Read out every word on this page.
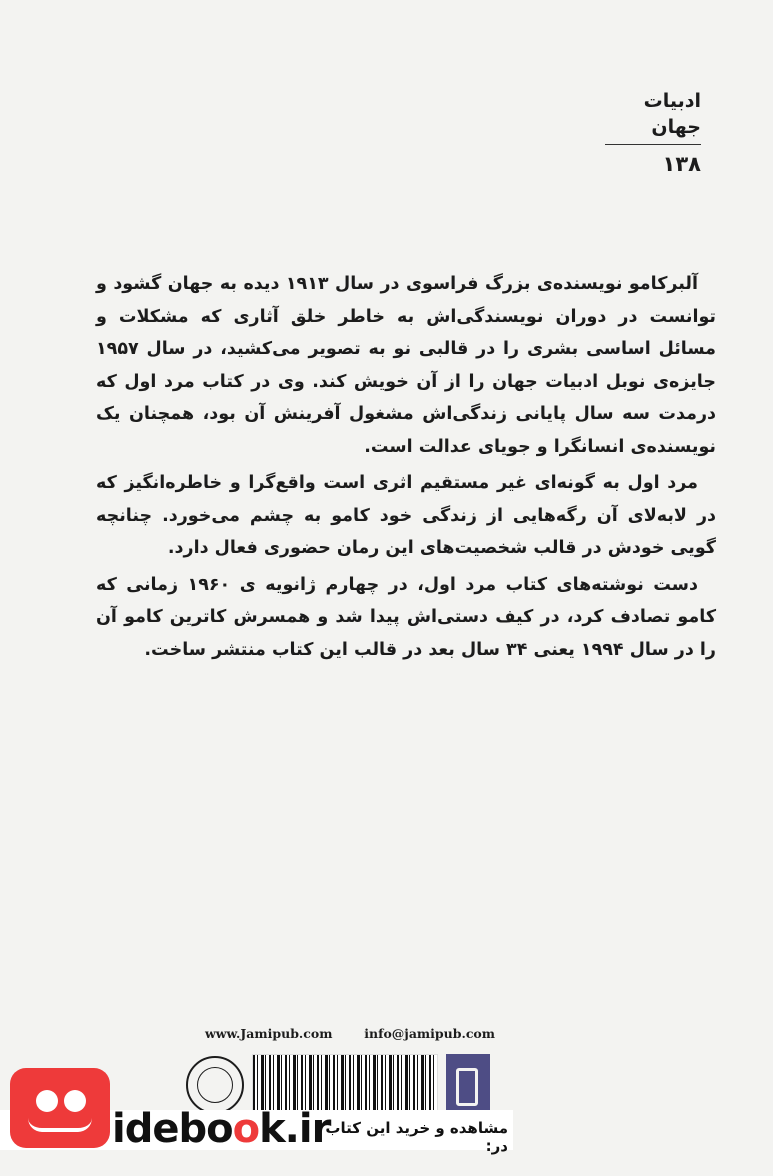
ادبیات جهان
۱۳۸

آلبرکامو نویسنده‌ی بزرگ فراسوی در سال ۱۹۱۳ دیده به جهان گشود و توانست در دوران نویسندگی‌اش به خاطر خلق آثاری که مشکلات و مسائل اساسی بشری را در قالبی نو به تصویر می‌کشید، در سال ۱۹۵۷ جایزه‌ی نوبل ادبیات جهان را از آن خویش کند. وی در کتاب مرد اول که درمدت سه سال پایانی زندگی‌اش مشغول آفرینش آن بود، همچنان یک نویسنده‌ی انسانگرا و جویای عدالت است.

مرد اول به گونه‌ای غیر مستقیم اثری است واقع‌گرا و خاطره‌انگیز که در لابه‌لای آن رگه‌هایی از زندگی خود کامو به چشم می‌خورد. چنانچه گویی خودش در قالب شخصیت‌های این رمان حضوری فعال دارد.

دست نوشته‌های کتاب مرد اول، در چهارم ژانویه ی ۱۹۶۰ زمانی که کامو تصادف کرد، در کیف دستی‌اش پیدا شد و همسرش کاترین کامو آن را در سال ۱۹۹۴ یعنی ۳۴ سال بعد در قالب این کتاب منتشر ساخت.

www.Jamipub.com	info@jamipub.com
idebook.ir
مشاهده و خرید این کتاب در:
